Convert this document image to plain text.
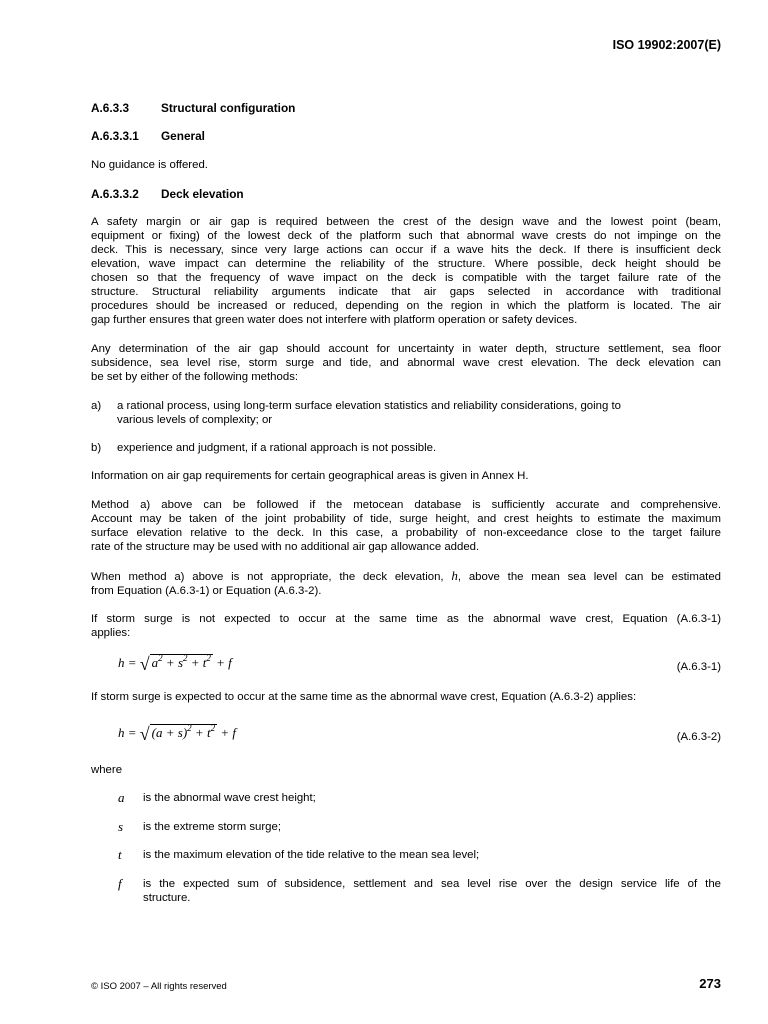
ISO 19902:2007(E)
A.6.3.3	Structural configuration
A.6.3.3.1 General
No guidance is offered.
A.6.3.3.2 Deck elevation
A safety margin or air gap is required between the crest of the design wave and the lowest point (beam,
equipment or fixing) of the lowest deck of the platform such that abnormal wave crests do not impinge on the
deck. This is necessary, since very large actions can occur if a wave hits the deck. If there is insufficient deck
elevation, wave impact can determine the reliability of the structure. Where possible, deck height should be
chosen so that the frequency of wave impact on the deck is compatible with the target failure rate of the
structure. Structural reliability arguments indicate that air gaps selected in accordance with traditional
procedures should be increased or reduced, depending on the region in which the platform is located. The air
gap further ensures that green water does not interfere with platform operation or safety devices.
Any determination of the air gap should account for uncertainty in water depth, structure settlement, sea floor
subsidence, sea level rise, storm surge and tide, and abnormal wave crest elevation. The deck elevation can
be set by either of the following methods:
a) a rational process, using long-term surface elevation statistics and reliability considerations, going to
various levels of complexity; or
b) experience and judgment, if a rational approach is not possible.
Information on air gap requirements for certain geographical areas is given in Annex H.
Method a) above can be followed if the metocean database is sufficiently accurate and comprehensive.
Account may be taken of the joint probability of tide, surge height, and crest heights to estimate the maximum
surface elevation relative to the deck. In this case, a probability of non-exceedance close to the target failure
rate of the structure may be used with no additional air gap allowance added.
When method a) above is not appropriate, the deck elevation, h, above the mean sea level can be estimated
from Equation (A.6.3-1) or Equation (A.6.3-2).
If storm surge is not expected to occur at the same time as the abnormal wave crest, Equation (A.6.3-1)
applies:
h = √ $a^2 + s^2 + t^2 + f$	(A.6.3-1)
If storm surge is expected to occur at the same time as the abnormal wave crest, Equation (A.6.3-2) applies:
h = √ $(a + s)^2 + t^2 + f$	(A.6.3-2)
where
a is the abnormal wave crest height;
s is the extreme storm surge;
t is the maximum elevation of the tide relative to the mean sea level;
f is the expected sum of subsidence, settlement and sea level rise over the design service life of the
structure.
© ISO 2007 – All rights reserved	273
